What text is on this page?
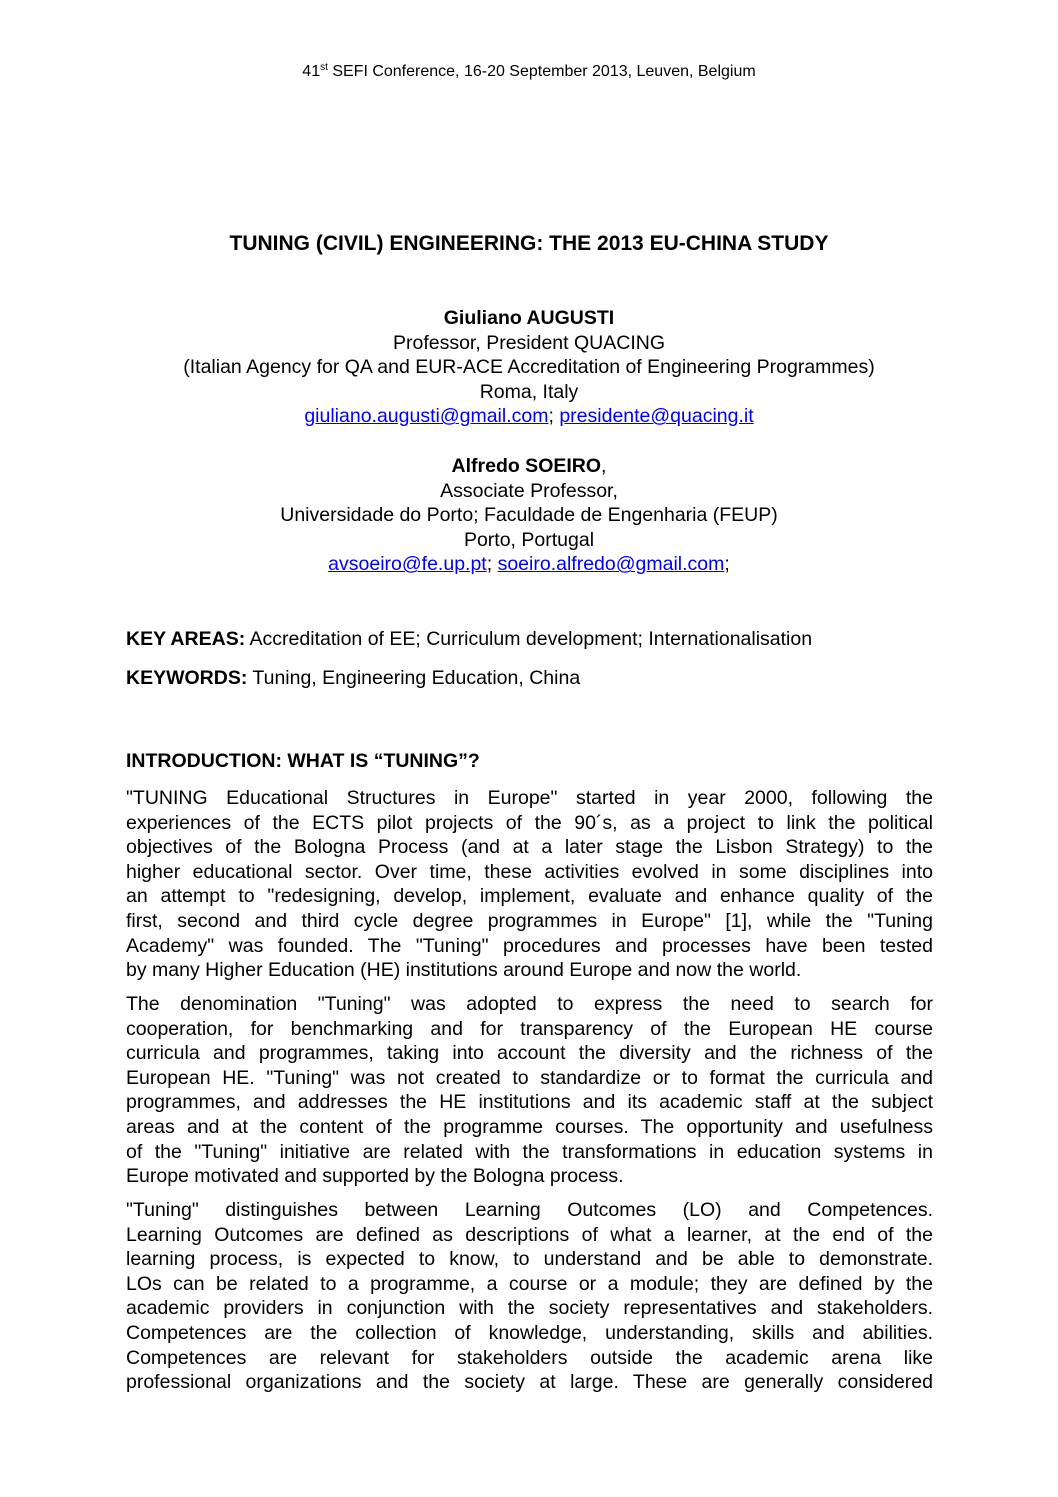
41st SEFI Conference, 16-20 September 2013, Leuven, Belgium
TUNING (CIVIL) ENGINEERING: THE 2013 EU-CHINA STUDY
Giuliano AUGUSTI
Professor, President QUACING
(Italian Agency for QA and EUR-ACE Accreditation of Engineering Programmes)
Roma, Italy
giuliano.augusti@gmail.com; presidente@quacing.it
Alfredo SOEIRO,
Associate Professor,
Universidade do Porto; Faculdade de Engenharia (FEUP)
Porto, Portugal
avsoeiro@fe.up.pt; soeiro.alfredo@gmail.com;
KEY AREAS: Accreditation of EE; Curriculum development; Internationalisation
KEYWORDS: Tuning, Engineering Education, China
INTRODUCTION: WHAT IS “TUNING”?
"TUNING Educational Structures in Europe" started in year 2000, following the
experiences of the ECTS pilot projects of the 90´s, as a project to link the political
objectives of the Bologna Process (and at a later stage the Lisbon Strategy) to the
higher educational sector. Over time, these activities evolved in some disciplines into
an attempt to "redesigning, develop, implement, evaluate and enhance quality of the
first, second and third cycle degree programmes in Europe" [1], while the "Tuning
Academy" was founded. The "Tuning" procedures and processes have been tested
by many Higher Education (HE) institutions around Europe and now the world.
The denomination "Tuning" was adopted to express the need to search for
cooperation, for benchmarking and for transparency of the European HE course
curricula and programmes, taking into account the diversity and the richness of the
European HE. "Tuning" was not created to standardize or to format the curricula and
programmes, and addresses the HE institutions and its academic staff at the subject
areas and at the content of the programme courses. The opportunity and usefulness
of the "Tuning" initiative are related with the transformations in education systems in
Europe motivated and supported by the Bologna process.
"Tuning" distinguishes between Learning Outcomes (LO) and Competences.
Learning Outcomes are defined as descriptions of what a learner, at the end of the
learning process, is expected to know, to understand and be able to demonstrate.
LOs can be related to a programme, a course or a module; they are defined by the
academic providers in conjunction with the society representatives and stakeholders.
Competences are the collection of knowledge, understanding, skills and abilities.
Competences are relevant for stakeholders outside the academic arena like
professional organizations and the society at large. These are generally considered
